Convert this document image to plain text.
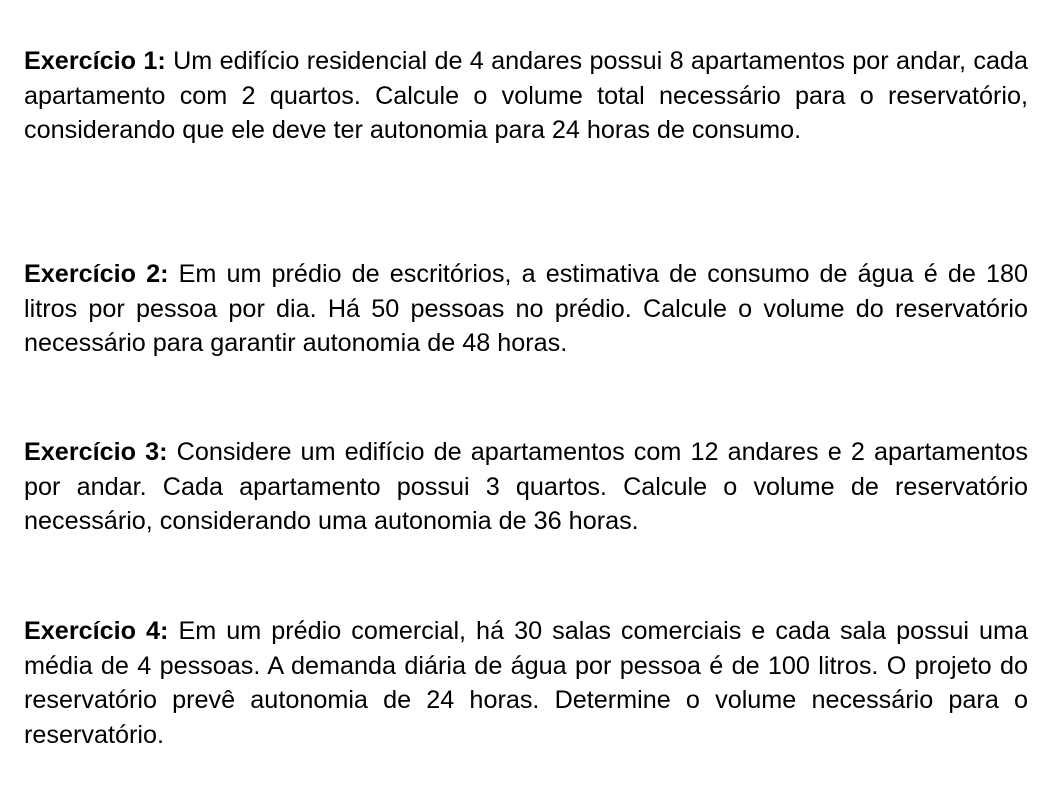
Exercício 1: Um edifício residencial de 4 andares possui 8 apartamentos por andar, cada apartamento com 2 quartos. Calcule o volume total necessário para o reservatório, considerando que ele deve ter autonomia para 24 horas de consumo.

Exercício 2: Em um prédio de escritórios, a estimativa de consumo de água é de 180 litros por pessoa por dia. Há 50 pessoas no prédio. Calcule o volume do reservatório necessário para garantir autonomia de 48 horas.

Exercício 3: Considere um edifício de apartamentos com 12 andares e 2 apartamentos por andar. Cada apartamento possui 3 quartos. Calcule o volume de reservatório necessário, considerando uma autonomia de 36 horas.

Exercício 4: Em um prédio comercial, há 30 salas comerciais e cada sala possui uma média de 4 pessoas. A demanda diária de água por pessoa é de 100 litros. O projeto do reservatório prevê autonomia de 24 horas. Determine o volume necessário para o reservatório.
